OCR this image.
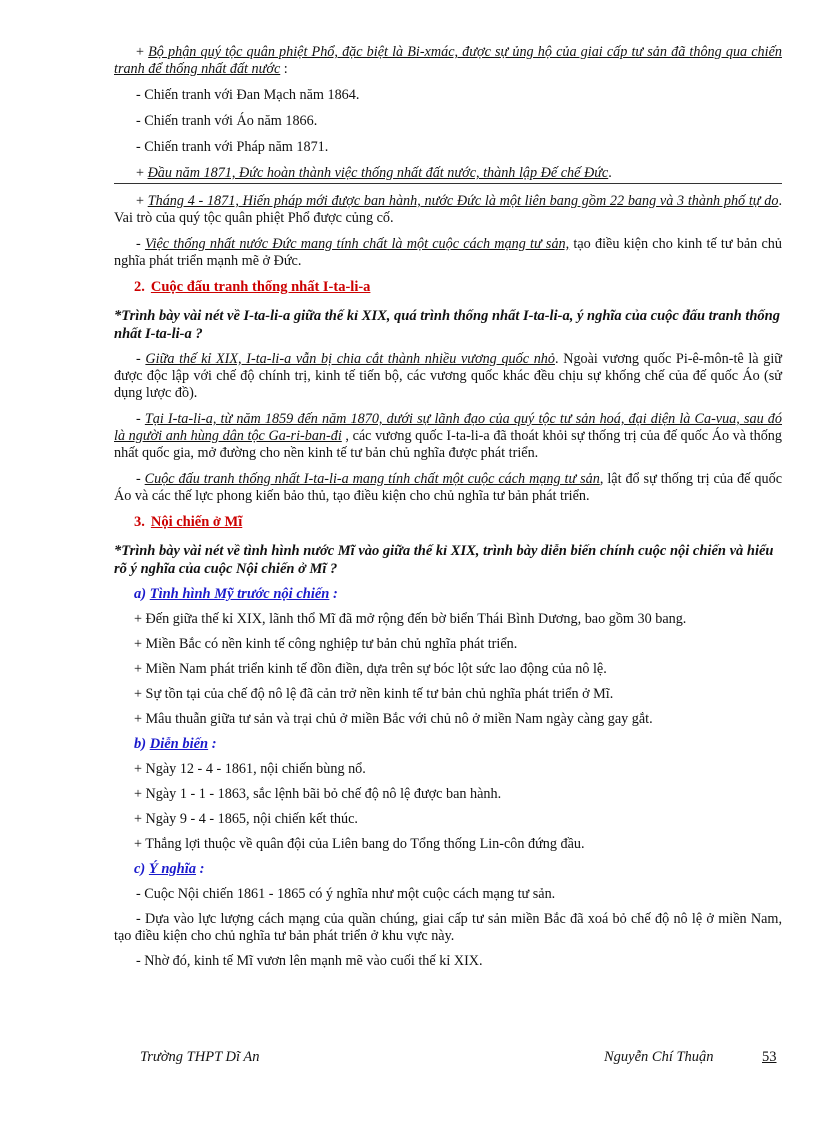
+ Bộ phận quý tộc quân phiệt Phổ, đặc biệt là Bi-xmác, được sự ủng hộ của giai cấp tư sản đã thông qua chiến tranh để thống nhất đất nước :
- Chiến tranh với Đan Mạch năm 1864.
- Chiến tranh với Áo năm 1866.
- Chiến tranh với Pháp năm 1871.
+ Đầu năm 1871, Đức hoàn thành việc thống nhất đất nước, thành lập Đế chế Đức.
+ Tháng 4 - 1871, Hiến pháp mới được ban hành, nước Đức là một liên bang gồm 22 bang và 3 thành phố tự do. Vai trò của quý tộc quân phiệt Phổ được củng cố.
- Việc thống nhất nước Đức mang tính chất là một cuộc cách mạng tư sản, tạo điều kiện cho kinh tế tư bản chủ nghĩa phát triển mạnh mẽ ở Đức.
2. Cuộc đấu tranh thống nhất I-ta-li-a
*Trình bày vài nét về I-ta-li-a giữa thế kỉ XIX, quá trình thống nhất I-ta-li-a, ý nghĩa của cuộc đấu tranh thống nhất I-ta-li-a ?
- Giữa thế kỉ XIX, I-ta-li-a vẫn bị chia cắt thành nhiều vương quốc nhỏ. Ngoài vương quốc Pi-ê-môn-tê là giữ được độc lập với chế độ chính trị, kinh tế tiến bộ, các vương quốc khác đều chịu sự khống chế của đế quốc Áo (sử dụng lược đồ).
- Tại I-ta-li-a, từ năm 1859 đến năm 1870, dưới sự lãnh đạo của quý tộc tư sản hoá, đại diện là Ca-vua, sau đó là người anh hùng dân tộc Ga-ri-ban-đi , các vương quốc I-ta-li-a đã thoát khỏi sự thống trị của đế quốc Áo và thống nhất quốc gia, mở đường cho nền kinh tế tư bản chủ nghĩa được phát triển.
- Cuộc đấu tranh thống nhất I-ta-li-a mang tính chất một cuộc cách mạng tư sản, lật đổ sự thống trị của đế quốc Áo và các thế lực phong kiến bảo thủ, tạo điều kiện cho chủ nghĩa tư bản phát triển.
3. Nội chiến ở Mĩ
*Trình bày vài nét về tình hình nước Mĩ vào giữa thế kỉ XIX, trình bày diễn biến chính cuộc nội chiến và hiểu rõ ý nghĩa của cuộc Nội chiến ở Mĩ ?
a) Tình hình Mỹ trước nội chiến :
+ Đến giữa thế kỉ XIX, lãnh thổ Mĩ đã mở rộng đến bờ biển Thái Bình Dương, bao gồm 30 bang.
+ Miền Bắc có nền kinh tế công nghiệp tư bản chủ nghĩa phát triển.
+ Miền Nam phát triển kinh tế đồn điền, dựa trên sự bóc lột sức lao động của nô lệ.
+ Sự tồn tại của chế độ nô lệ đã cản trở nền kinh tế tư bản chủ nghĩa phát triển ở Mĩ.
+ Mâu thuẫn giữa tư sản và trại chủ ở miền Bắc với chủ nô ở miền Nam ngày càng gay gắt.
b) Diễn biến :
+ Ngày 12 - 4 - 1861, nội chiến bùng nổ.
+ Ngày 1 - 1 - 1863, sắc lệnh bãi bỏ chế độ nô lệ được ban hành.
+ Ngày 9 - 4 - 1865, nội chiến kết thúc.
+ Thắng lợi thuộc về quân đội của Liên bang do Tổng thống Lin-côn đứng đầu.
c) Ý nghĩa :
- Cuộc Nội chiến 1861 - 1865 có ý nghĩa như một cuộc cách mạng tư sản.
- Dựa vào lực lượng cách mạng của quần chúng, giai cấp tư sản miền Bắc đã xoá bỏ chế độ nô lệ ở miền Nam, tạo điều kiện cho chủ nghĩa tư bản phát triển ở khu vực này.
- Nhờ đó, kinh tế Mĩ vươn lên mạnh mẽ vào cuối thế kỉ XIX.
Trường THPT Dĩ An	Nguyễn Chí Thuận	53
